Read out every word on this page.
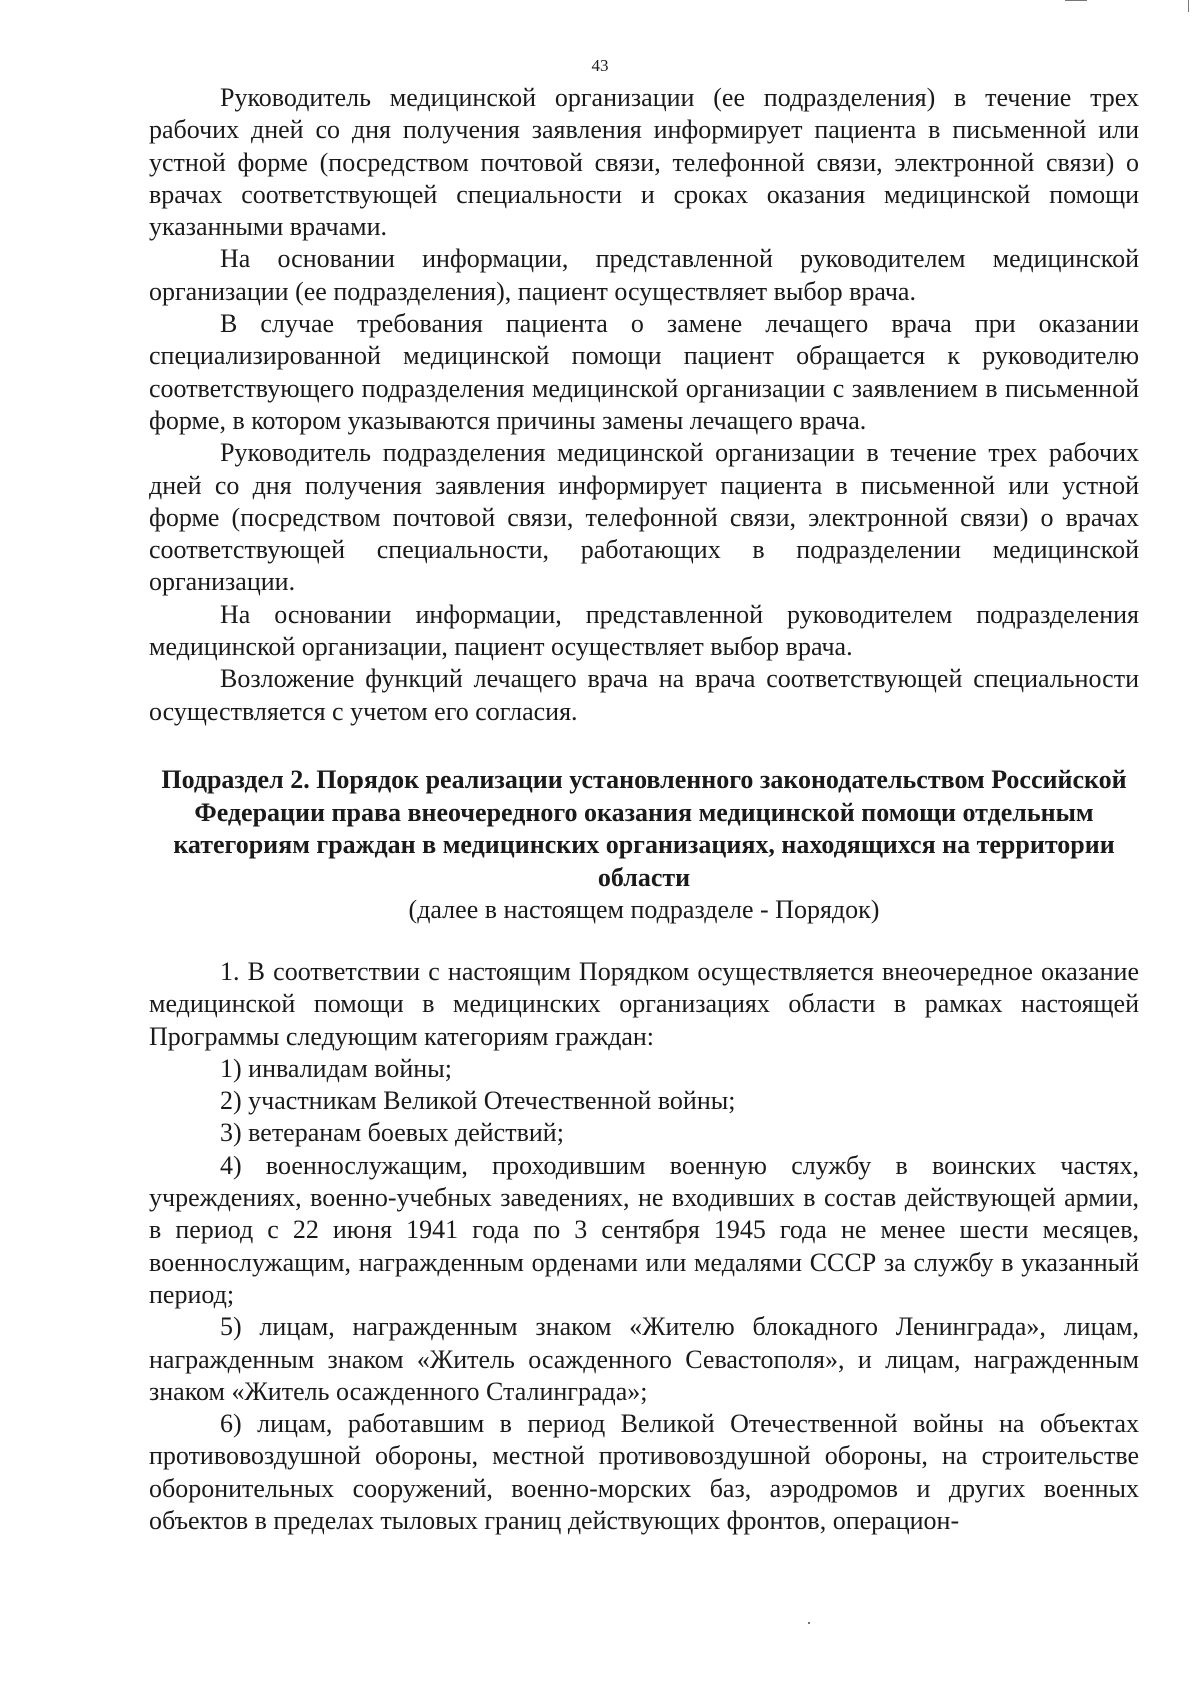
43

Руководитель медицинской организации (ее подразделения) в течение трех рабочих дней со дня получения заявления информирует пациента в письменной или устной форме (посредством почтовой связи, телефонной связи, электронной связи) о врачах соответствующей специальности и сроках оказания медицинской помощи указанными врачами.

На основании информации, представленной руководителем медицинской организации (ее подразделения), пациент осуществляет выбор врача.

В случае требования пациента о замене лечащего врача при оказании специализированной медицинской помощи пациент обращается к руководителю соответствующего подразделения медицинской организации с заявлением в письменной форме, в котором указываются причины замены лечащего врача.

Руководитель подразделения медицинской организации в течение трех рабочих дней со дня получения заявления информирует пациента в письменной или устной форме (посредством почтовой связи, телефонной связи, электронной связи) о врачах соответствующей специальности, работающих в подразделении медицинской организации.

На основании информации, представленной руководителем подразделения медицинской организации, пациент осуществляет выбор врача.

Возложение функций лечащего врача на врача соответствующей специальности осуществляется с учетом его согласия.

Подраздел 2. Порядок реализации установленного законодательством Российской Федерации права внеочередного оказания медицинской помощи отдельным категориям граждан в медицинских организациях, находящихся на территории области
(далее в настоящем подразделе - Порядок)

1. В соответствии с настоящим Порядком осуществляется внеочередное оказание медицинской помощи в медицинских организациях области в рамках настоящей Программы следующим категориям граждан:

1) инвалидам войны;

2) участникам Великой Отечественной войны;

3) ветеранам боевых действий;

4) военнослужащим, проходившим военную службу в воинских частях, учреждениях, военно-учебных заведениях, не входивших в состав действующей армии, в период с 22 июня 1941 года по 3 сентября 1945 года не менее шести месяцев, военнослужащим, награжденным орденами или медалями СССР за службу в указанный период;

5) лицам, награжденным знаком «Жителю блокадного Ленинграда», лицам, награжденным знаком «Житель осажденного Севастополя», и лицам, награжденным знаком «Житель осажденного Сталинграда»;

6) лицам, работавшим в период Великой Отечественной войны на объектах противовоздушной обороны, местной противовоздушной обороны, на строительстве оборонительных сооружений, военно-морских баз, аэродромов и других военных объектов в пределах тыловых границ действующих фронтов, операцион-
